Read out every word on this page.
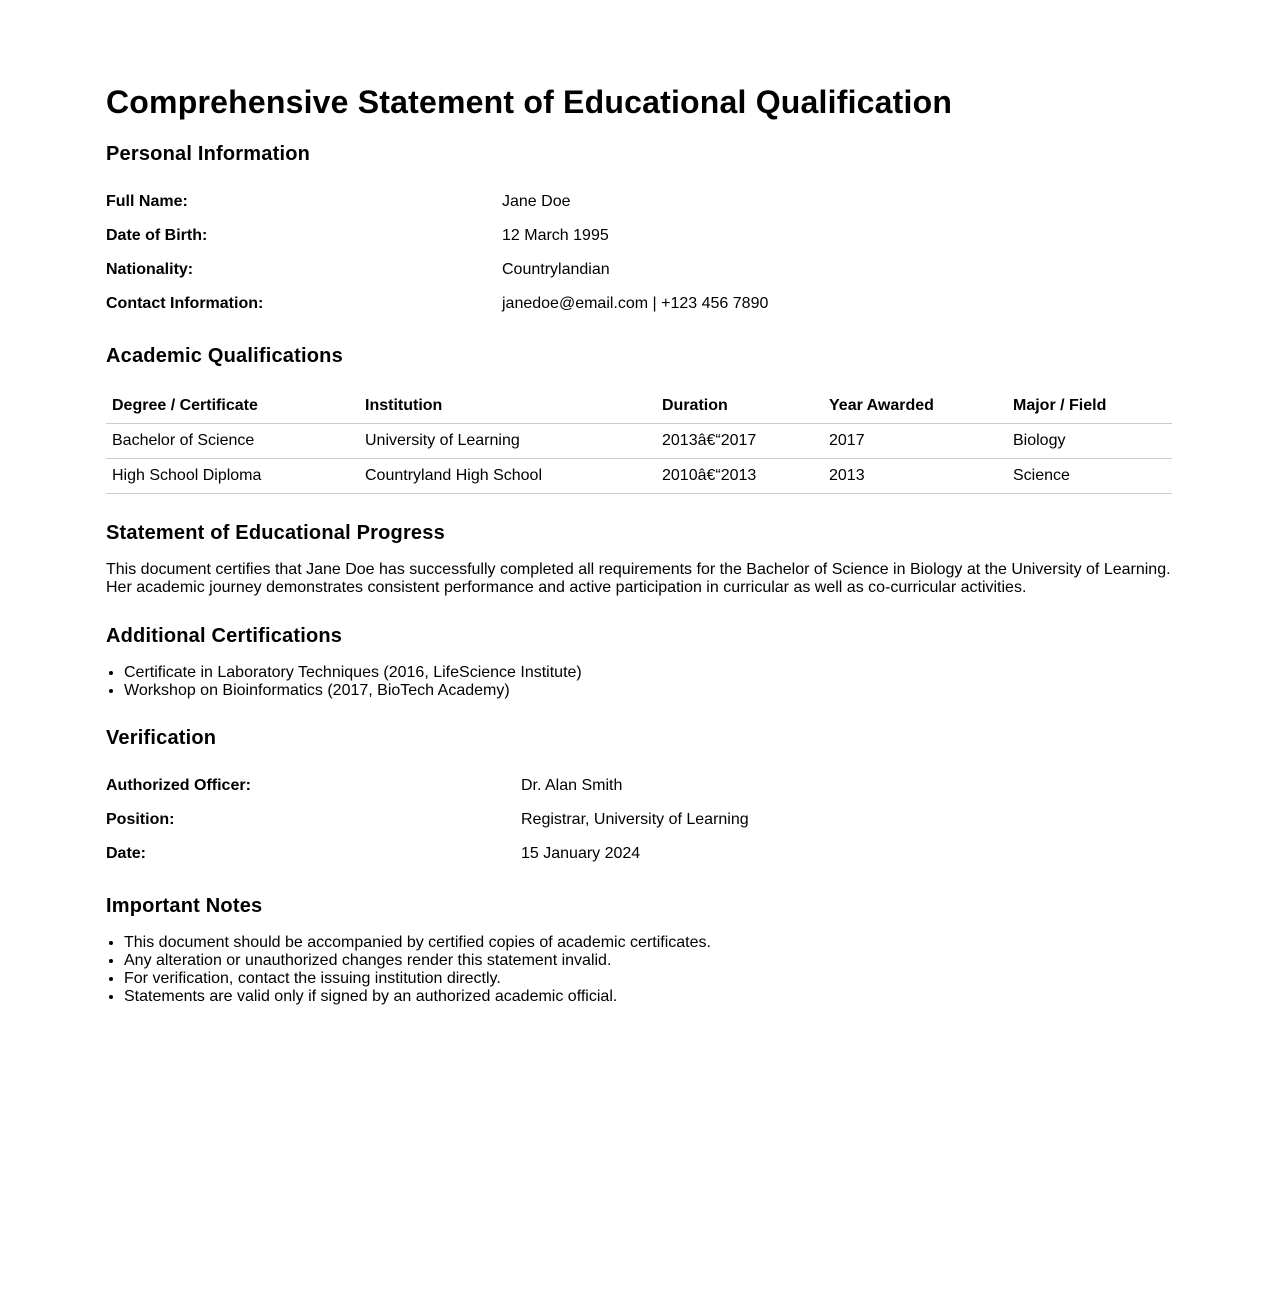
Comprehensive Statement of Educational Qualification
Personal Information
Full Name:	Jane Doe
Date of Birth:	12 March 1995
Nationality:	Countrylandian
Contact Information:	janedoe@email.com | +123 456 7890
Academic Qualifications
Degree / Certificate	Institution	Duration	Year Awarded	Major / Field
Bachelor of Science	University of Learning	2013â€“2017	2017	Biology
High School Diploma	Countryland High School	2010â€“2013	2013	Science
Statement of Educational Progress

This document certifies that Jane Doe has successfully completed all requirements for the Bachelor of Science in Biology at the University of Learning. Her academic journey demonstrates consistent performance and active participation in curricular as well as co-curricular activities.

Additional Certifications
• Certificate in Laboratory Techniques (2016, LifeScience Institute)
• Workshop on Bioinformatics (2017, BioTech Academy)
Verification
Authorized Officer:	Dr. Alan Smith
Position:	Registrar, University of Learning
Date:	15 January 2024
Important Notes
• This document should be accompanied by certified copies of academic certificates.
• Any alteration or unauthorized changes render this statement invalid.
• For verification, contact the issuing institution directly.
• Statements are valid only if signed by an authorized academic official.
